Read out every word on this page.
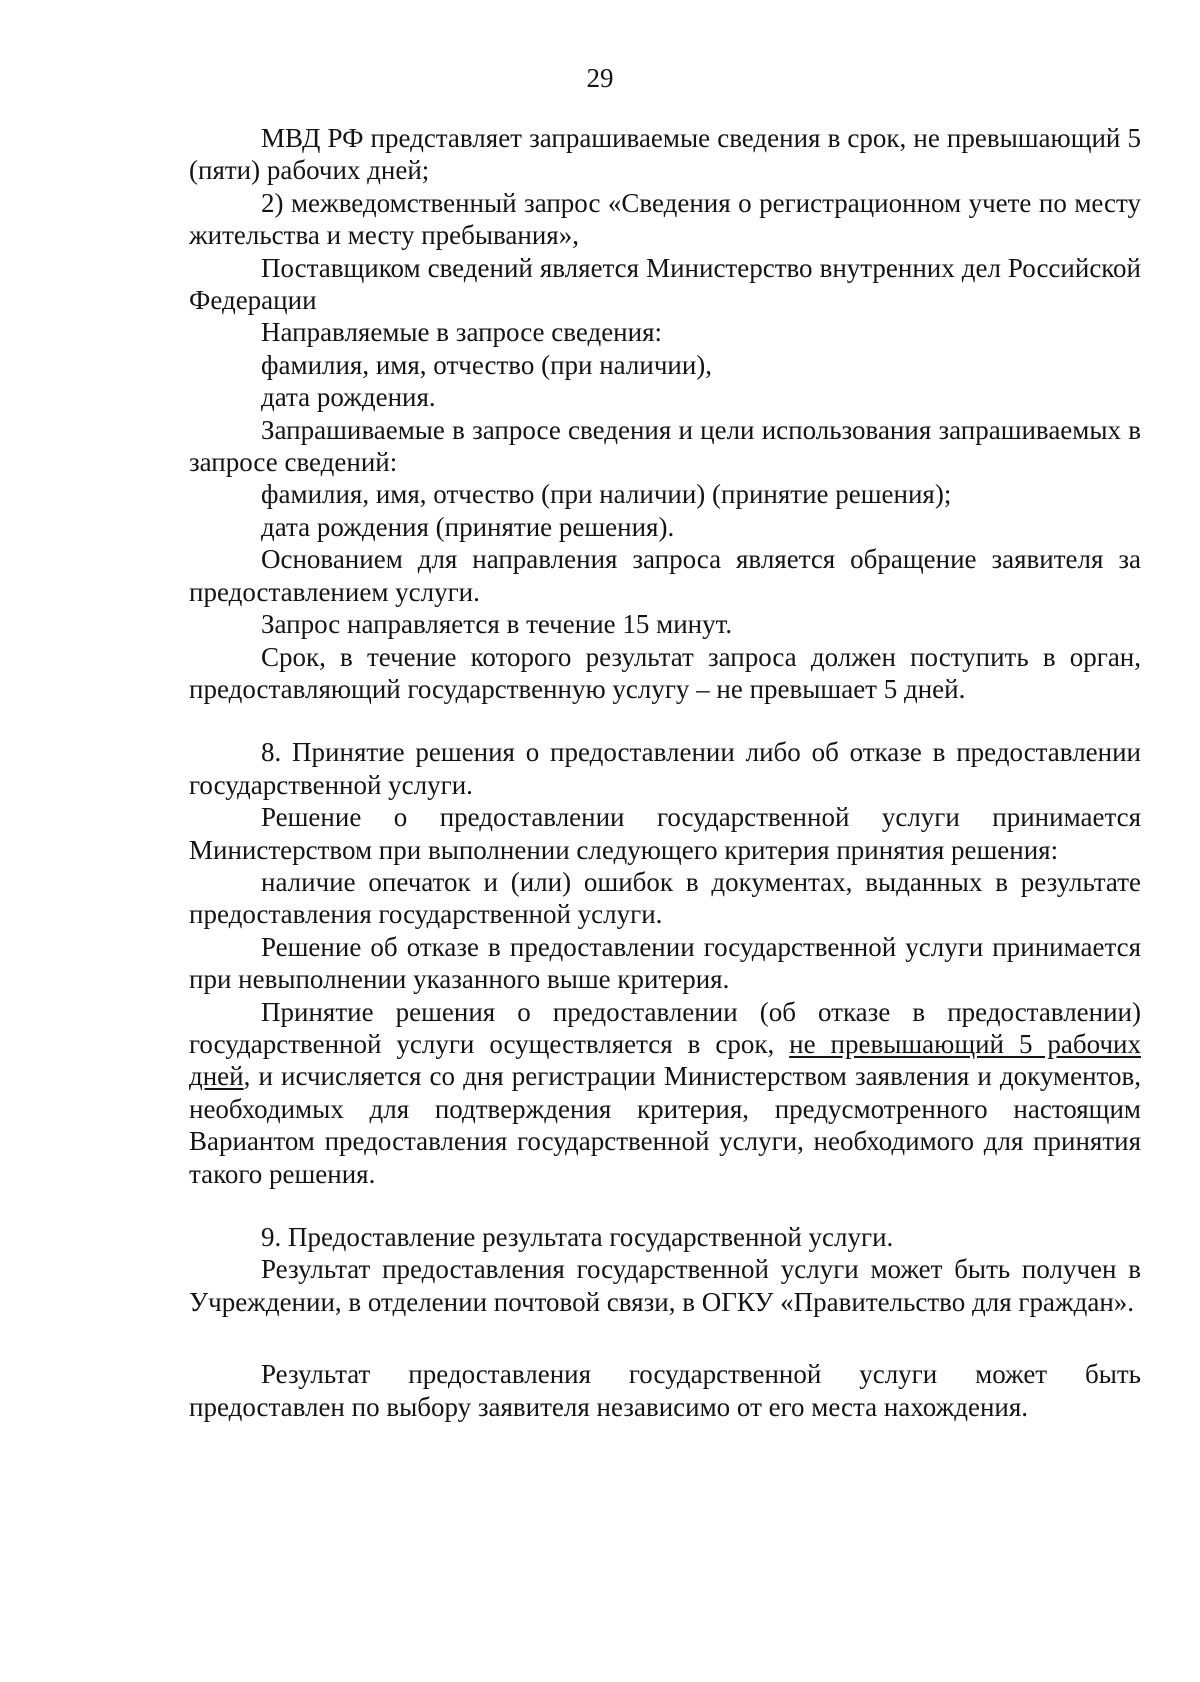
29

МВД РФ представляет запрашиваемые сведения в срок, не превышающий 5 (пяти) рабочих дней;

2) межведомственный запрос «Сведения о регистрационном учете по месту жительства и месту пребывания»,

Поставщиком сведений является Министерство внутренних дел Российской Федерации

Направляемые в запросе сведения:

фамилия, имя, отчество (при наличии),

дата рождения.

Запрашиваемые в запросе сведения и цели использования запрашиваемых в запросе сведений:

фамилия, имя, отчество (при наличии) (принятие решения);

дата рождения (принятие решения).

Основанием для направления запроса является обращение заявителя за предоставлением услуги.

Запрос направляется в течение 15 минут.

Срок, в течение которого результат запроса должен поступить в орган, предоставляющий государственную услугу – не превышает 5 дней.

8. Принятие решения о предоставлении либо об отказе в предоставлении государственной услуги.

Решение о предоставлении государственной услуги принимается Министерством при выполнении следующего критерия принятия решения:

наличие опечаток и (или) ошибок в документах, выданных в результате предоставления государственной услуги.

Решение об отказе в предоставлении государственной услуги принимается при невыполнении указанного выше критерия.

Принятие решения о предоставлении (об отказе в предоставлении) государственной услуги осуществляется в срок, не превышающий 5 рабочих дней, и исчисляется со дня регистрации Министерством заявления и документов, необходимых для подтверждения критерия, предусмотренного настоящим Вариантом предоставления государственной услуги, необходимого для принятия такого решения.

9. Предоставление результата государственной услуги.

Результат предоставления государственной услуги может быть получен в Учреждении, в отделении почтовой связи, в ОГКУ «Правительство для граждан».

Результат предоставления государственной услуги может быть предоставлен по выбору заявителя независимо от его места нахождения.
